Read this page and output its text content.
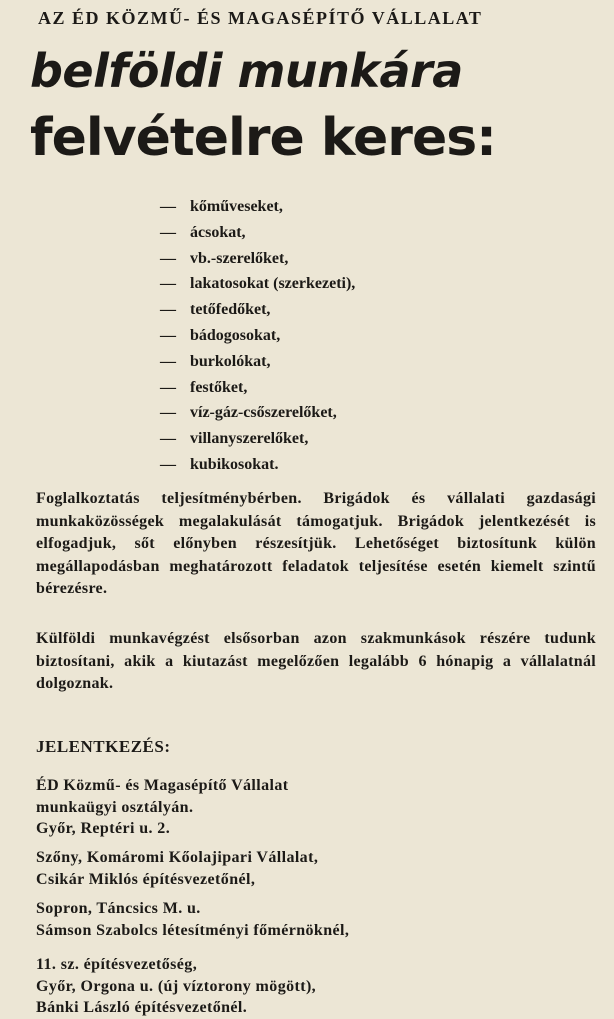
AZ ÉD KÖZMŰ- ÉS MAGASÉPÍTŐ VÁLLALAT
belföldi munkára
felvételre keres:
— kőműveseket,
— ácsokat,
— vb.-szerelőket,
— lakatosokat (szerkezeti),
— tetőfedőket,
— bádogosokat,
— burkolókat,
— festőket,
— víz-gáz-csőszerelőket,
— villanyszerelőket,
— kubikosokat.

Foglalkoztatás teljesítménybérben. Brigádok és vállalati gazdasági munkaközösségek megalakulását támogatjuk. Brigádok jelentkezését is elfogadjuk, sőt előnyben részesítjük. Lehetőséget biztosítunk külön megállapodásban meghatározott feladatok teljesítése esetén kiemelt szintű bérezésre.

Külföldi munkavégzést elsősorban azon szakmunkások részére tudunk biztosítani, akik a kiutazást megelőzően legalább 6 hónapig a vállalatnál dolgoznak.

JELENTKEZÉS:
ÉD Közmű- és Magasépítő Vállalat
munkaügyi osztályán.
Győr, Reptéri u. 2.
Szőny, Komáromi Kőolajipari Vállalat,
Csikár Miklós építésvezetőnél,
Sopron, Táncsics M. u.
Sámson Szabolcs létesítményi főmérnöknél,
11. sz. építésvezetőség,
Győr, Orgona u. (új víztorony mögött),
Bánki László építésvezetőnél.
